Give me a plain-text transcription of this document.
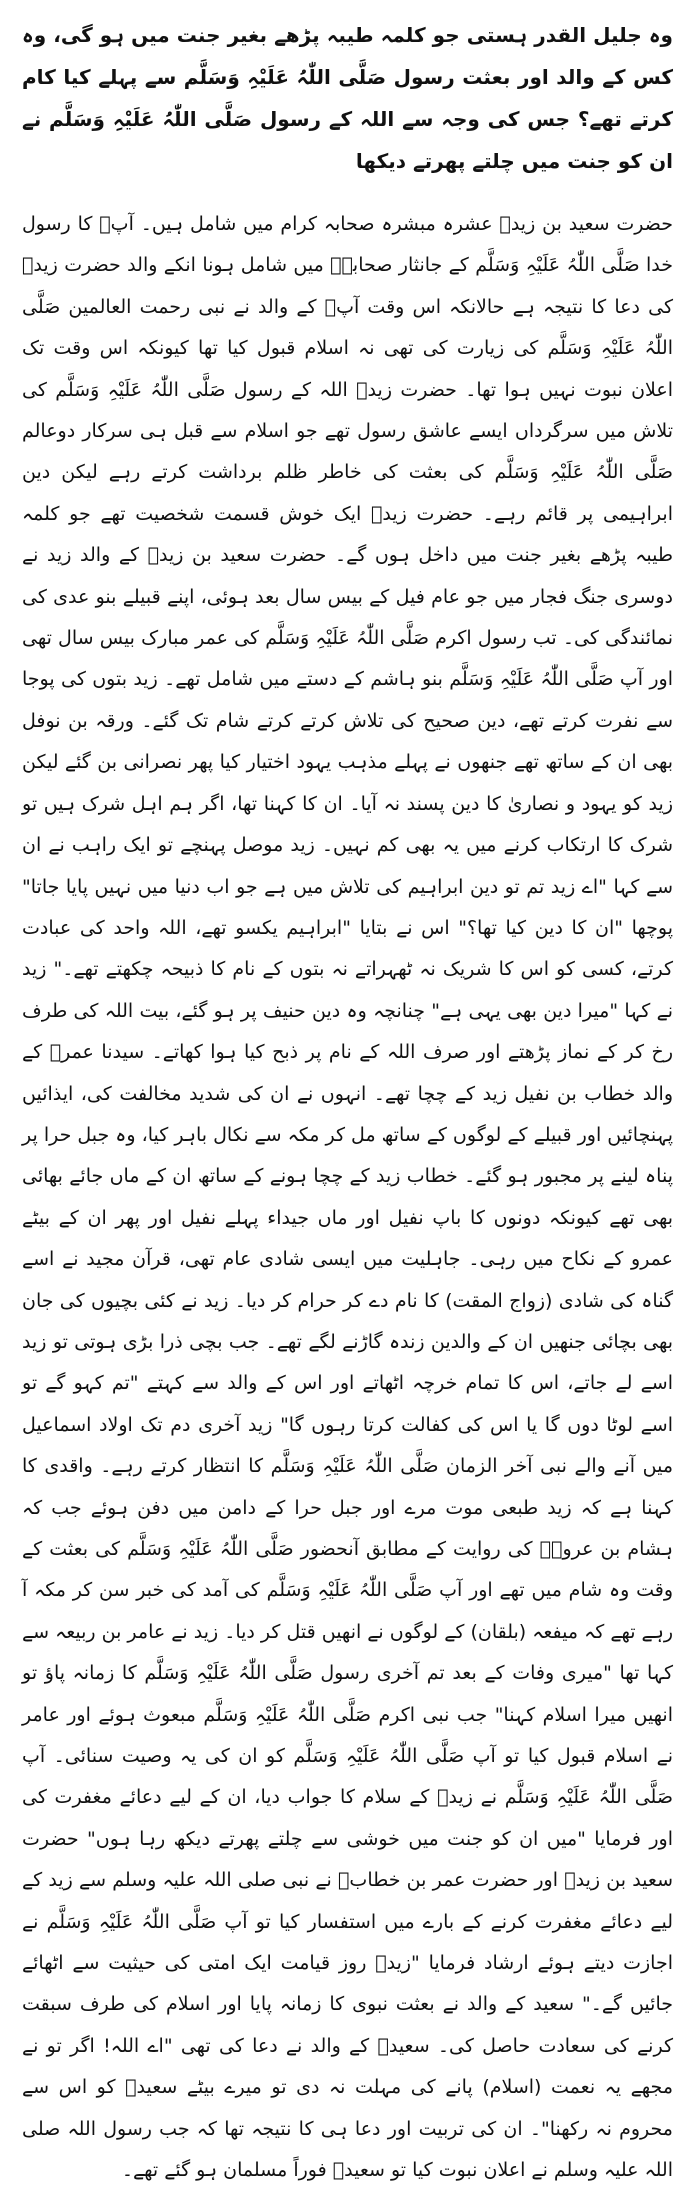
وہ جلیل القدر ہستی جو کلمہ طیبہ پڑھے بغیر جنت میں ہو گی، وہ کس کے والد اور بعثت رسول صَلَّی اللّٰہُ عَلَیْہِ وَسَلَّم سے پہلے کیا کام کرتے تھے؟ جس کی وجہ سے اللہ کے رسول صَلَّی اللّٰہُ عَلَیْہِ وَسَلَّم نے ان کو جنت میں چلتے پھرتے دیکھا

حضرت سعید بن زیدؓ عشرہ مبشرہ صحابہ کرام میں شامل ہیں۔ آپؓ کا رسول خدا صَلَّی اللّٰہُ عَلَیْہِ وَسَلَّم کے جانثار صحابہؓ میں شامل ہونا انکے والد حضرت زیدؓ کی دعا کا نتیجہ ہے حالانکہ اس وقت آپؓ کے والد نے نبی رحمت العالمین صَلَّی اللّٰہُ عَلَیْہِ وَسَلَّم کی زیارت کی تھی نہ اسلام قبول کیا تھا کیونکہ اس وقت تک اعلان نبوت نہیں ہوا تھا۔ حضرت زیدؓ اللہ کے رسول صَلَّی اللّٰہُ عَلَیْہِ وَسَلَّم کی تلاش میں سرگرداں ایسے عاشق رسول تھے جو اسلام سے قبل ہی سرکار دوعالم صَلَّی اللّٰہُ عَلَیْہِ وَسَلَّم کی بعثت کی خاطر ظلم برداشت کرتے رہے لیکن دین ابراہیمی پر قائم رہے۔ حضرت زیدؓ ایک خوش قسمت شخصیت تھے جو کلمہ طیبہ پڑھے بغیر جنت میں داخل ہوں گے۔ حضرت سعید بن زیدؓ کے والد زید نے دوسری جنگ فجار میں جو عام فیل کے بیس سال بعد ہوئی، اپنے قبیلے بنو عدی کی نمائندگی کی۔ تب رسول اکرم صَلَّی اللّٰہُ عَلَیْہِ وَسَلَّم کی عمر مبارک بیس سال تھی اور آپ صَلَّی اللّٰہُ عَلَیْہِ وَسَلَّم بنو ہاشم کے دستے میں شامل تھے۔ زید بتوں کی پوجا سے نفرت کرتے تھے، دین صحیح کی تلاش کرتے کرتے شام تک گئے۔ ورقہ بن نوفل بھی ان کے ساتھ تھے جنھوں نے پہلے مذہب یہود اختیار کیا پھر نصرانی بن گئے لیکن زید کو یہود و نصاریٰ کا دین پسند نہ آیا۔ ان کا کہنا تھا، اگر ہم اہل شرک ہیں تو شرک کا ارتکاب کرنے میں یہ بھی کم نہیں۔ زید موصل پہنچے تو ایک راہب نے ان سے کہا "اے زید تم تو دین ابراہیم کی تلاش میں ہے جو اب دنیا میں نہیں پایا جاتا" پوچھا "ان کا دین کیا تھا؟" اس نے بتایا "ابراہیم یکسو تھے، اللہ واحد کی عبادت کرتے، کسی کو اس کا شریک نہ ٹھہراتے نہ بتوں کے نام کا ذبیحہ چکھتے تھے۔" زید نے کہا "میرا دین بھی یہی ہے" چنانچہ وہ دین حنیف پر ہو گئے، بیت اللہ کی طرف رخ کر کے نماز پڑھتے اور صرف اللہ کے نام پر ذبح کیا ہوا کھاتے۔ سیدنا عمرؓ کے والد خطاب بن نفیل زید کے چچا تھے۔ انہوں نے ان کی شدید مخالفت کی، ایذائیں پہنچائیں اور قبیلے کے لوگوں کے ساتھ مل کر مکہ سے نکال باہر کیا، وہ جبل حرا پر پناہ لینے پر مجبور ہو گئے۔ خطاب زید کے چچا ہونے کے ساتھ ان کے ماں جائے بھائی بھی تھے کیونکہ دونوں کا باپ نفیل اور ماں جیداء پہلے نفیل اور پھر ان کے بیٹے عمرو کے نکاح میں رہی۔ جاہلیت میں ایسی شادی عام تھی، قرآن مجید نے اسے گناہ کی شادی (زواج المقت) کا نام دے کر حرام کر دیا۔ زید نے کئی بچیوں کی جان بھی بچائی جنھیں ان کے والدین زندہ گاڑنے لگے تھے۔ جب بچی ذرا بڑی ہوتی تو زید اسے لے جاتے، اس کا تمام خرچہ اٹھاتے اور اس کے والد سے کہتے "تم کہو گے تو اسے لوٹا دوں گا یا اس کی کفالت کرتا رہوں گا" زید آخری دم تک اولاد اسماعیل میں آنے والے نبی آخر الزمان صَلَّی اللّٰہُ عَلَیْہِ وَسَلَّم کا انتظار کرتے رہے۔ واقدی کا کہنا ہے کہ زید طبعی موت مرے اور جبل حرا کے دامن میں دفن ہوئے جب کہ ہشام بن عروہؓ کی روایت کے مطابق آنحضور صَلَّی اللّٰہُ عَلَیْہِ وَسَلَّم کی بعثت کے وقت وہ شام میں تھے اور آپ صَلَّی اللّٰہُ عَلَیْہِ وَسَلَّم کی آمد کی خبر سن کر مکہ آ رہے تھے کہ میفعہ (بلقان) کے لوگوں نے انھیں قتل کر دیا۔ زید نے عامر بن ربیعہ سے کہا تھا "میری وفات کے بعد تم آخری رسول صَلَّی اللّٰہُ عَلَیْہِ وَسَلَّم کا زمانہ پاؤ تو انھیں میرا اسلام کہنا" جب نبی اکرم صَلَّی اللّٰہُ عَلَیْہِ وَسَلَّم مبعوث ہوئے اور عامر نے اسلام قبول کیا تو آپ صَلَّی اللّٰہُ عَلَیْہِ وَسَلَّم کو ان کی یہ وصیت سنائی۔ آپ صَلَّی اللّٰہُ عَلَیْہِ وَسَلَّم نے زیدؓ کے سلام کا جواب دیا، ان کے لیے دعائے مغفرت کی اور فرمایا "میں ان کو جنت میں خوشی سے چلتے پھرتے دیکھ رہا ہوں" حضرت سعید بن زیدؓ اور حضرت عمر بن خطابؓ نے نبی صلی اللہ علیہ وسلم سے زید کے لیے دعائے مغفرت کرنے کے بارے میں استفسار کیا تو آپ صَلَّی اللّٰہُ عَلَیْہِ وَسَلَّم نے اجازت دیتے ہوئے ارشاد فرمایا "زیدؓ روز قیامت ایک امتی کی حیثیت سے اٹھائے جائیں گے۔" سعید کے والد نے بعثت نبوی کا زمانہ پایا اور اسلام کی طرف سبقت کرنے کی سعادت حاصل کی۔ سعیدؓ کے والد نے دعا کی تھی "اے اللہ! اگر تو نے مجھے یہ نعمت (اسلام) پانے کی مہلت نہ دی تو میرے بیٹے سعیدؓ کو اس سے محروم نہ رکھنا"۔ ان کی تربیت اور دعا ہی کا نتیجہ تھا کہ جب رسول اللہ صلی اللہ علیہ وسلم نے اعلان نبوت کیا تو سعیدؓ فوراً مسلمان ہو گئے تھے۔
